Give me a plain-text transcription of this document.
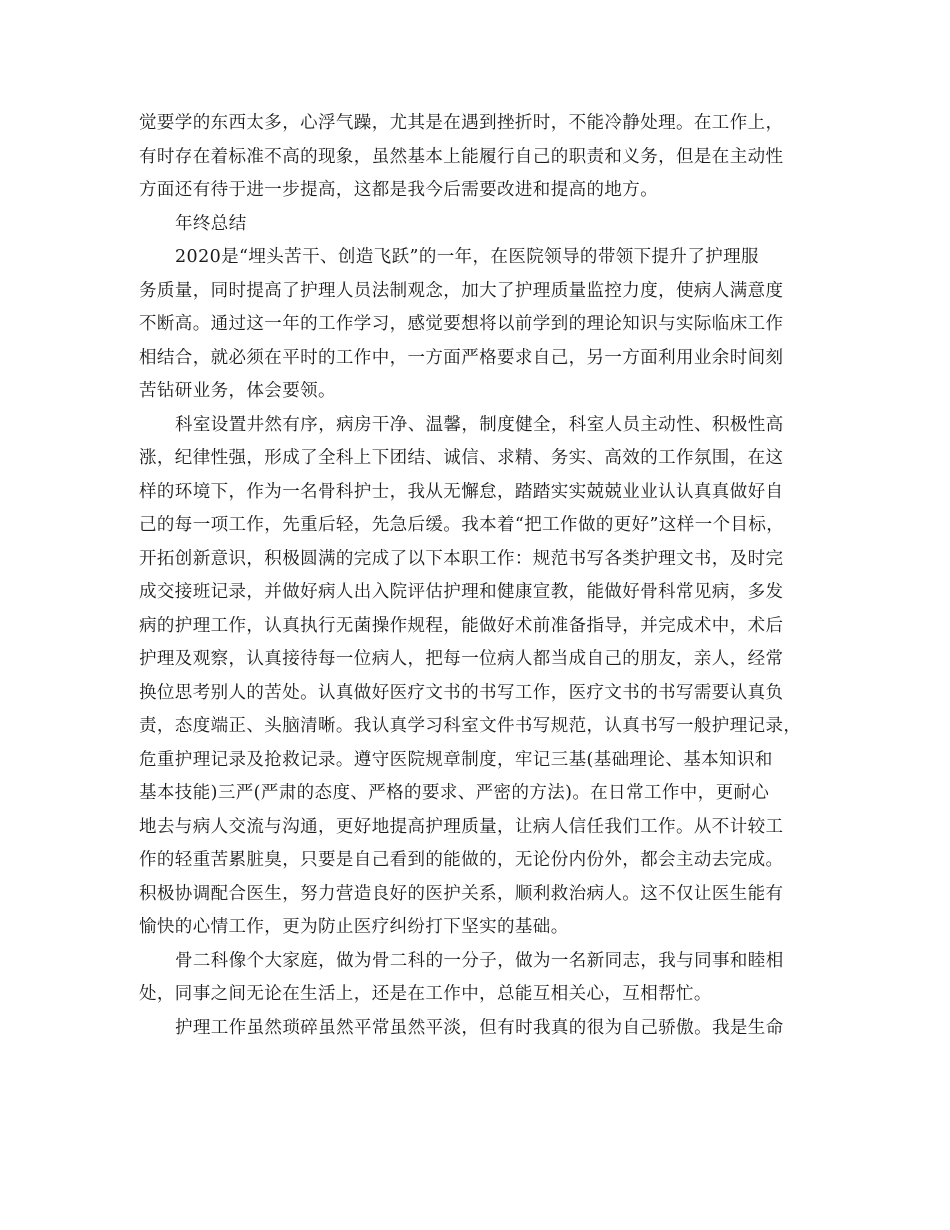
觉要学的东西太多，心浮气躁，尤其是在遇到挫折时，不能冷静处理。在工作上，
有时存在着标准不高的现象，虽然基本上能履行自己的职责和义务，但是在主动性
方面还有待于进一步提高，这都是我今后需要改进和提高的地方。
年终总结
2020是“埋头苦干、创造飞跃”的一年，在医院领导的带领下提升了护理服
务质量，同时提高了护理人员法制观念，加大了护理质量监控力度，使病人满意度
不断高。通过这一年的工作学习，感觉要想将以前学到的理论知识与实际临床工作
相结合，就必须在平时的工作中，一方面严格要求自己，另一方面利用业余时间刻
苦钻研业务，体会要领。
科室设置井然有序，病房干净、温馨，制度健全，科室人员主动性、积极性高
涨，纪律性强，形成了全科上下团结、诚信、求精、务实、高效的工作氛围，在这
样的环境下，作为一名骨科护士，我从无懈怠，踏踏实实兢兢业业认认真真做好自
己的每一项工作，先重后轻，先急后缓。我本着“把工作做的更好”这样一个目标，
开拓创新意识，积极圆满的完成了以下本职工作：规范书写各类护理文书，及时完
成交接班记录，并做好病人出入院评估护理和健康宣教，能做好骨科常见病，多发
病的护理工作，认真执行无菌操作规程，能做好术前准备指导，并完成术中，术后
护理及观察，认真接待每一位病人，把每一位病人都当成自己的朋友，亲人，经常
换位思考别人的苦处。认真做好医疗文书的书写工作，医疗文书的书写需要认真负
责，态度端正、头脑清晰。我认真学习科室文件书写规范，认真书写一般护理记录，
危重护理记录及抢救记录。遵守医院规章制度，牢记三基(基础理论、基本知识和
基本技能)三严(严肃的态度、严格的要求、严密的方法)。在日常工作中，更耐心
地去与病人交流与沟通，更好地提高护理质量，让病人信任我们工作。从不计较工
作的轻重苦累脏臭，只要是自己看到的能做的，无论份内份外，都会主动去完成。
积极协调配合医生，努力营造良好的医护关系，顺利救治病人。这不仅让医生能有
愉快的心情工作，更为防止医疗纠纷打下坚实的基础。
骨二科像个大家庭，做为骨二科的一分子，做为一名新同志，我与同事和睦相
处，同事之间无论在生活上，还是在工作中，总能互相关心，互相帮忙。
护理工作虽然琐碎虽然平常虽然平淡，但有时我真的很为自己骄傲。我是生命
